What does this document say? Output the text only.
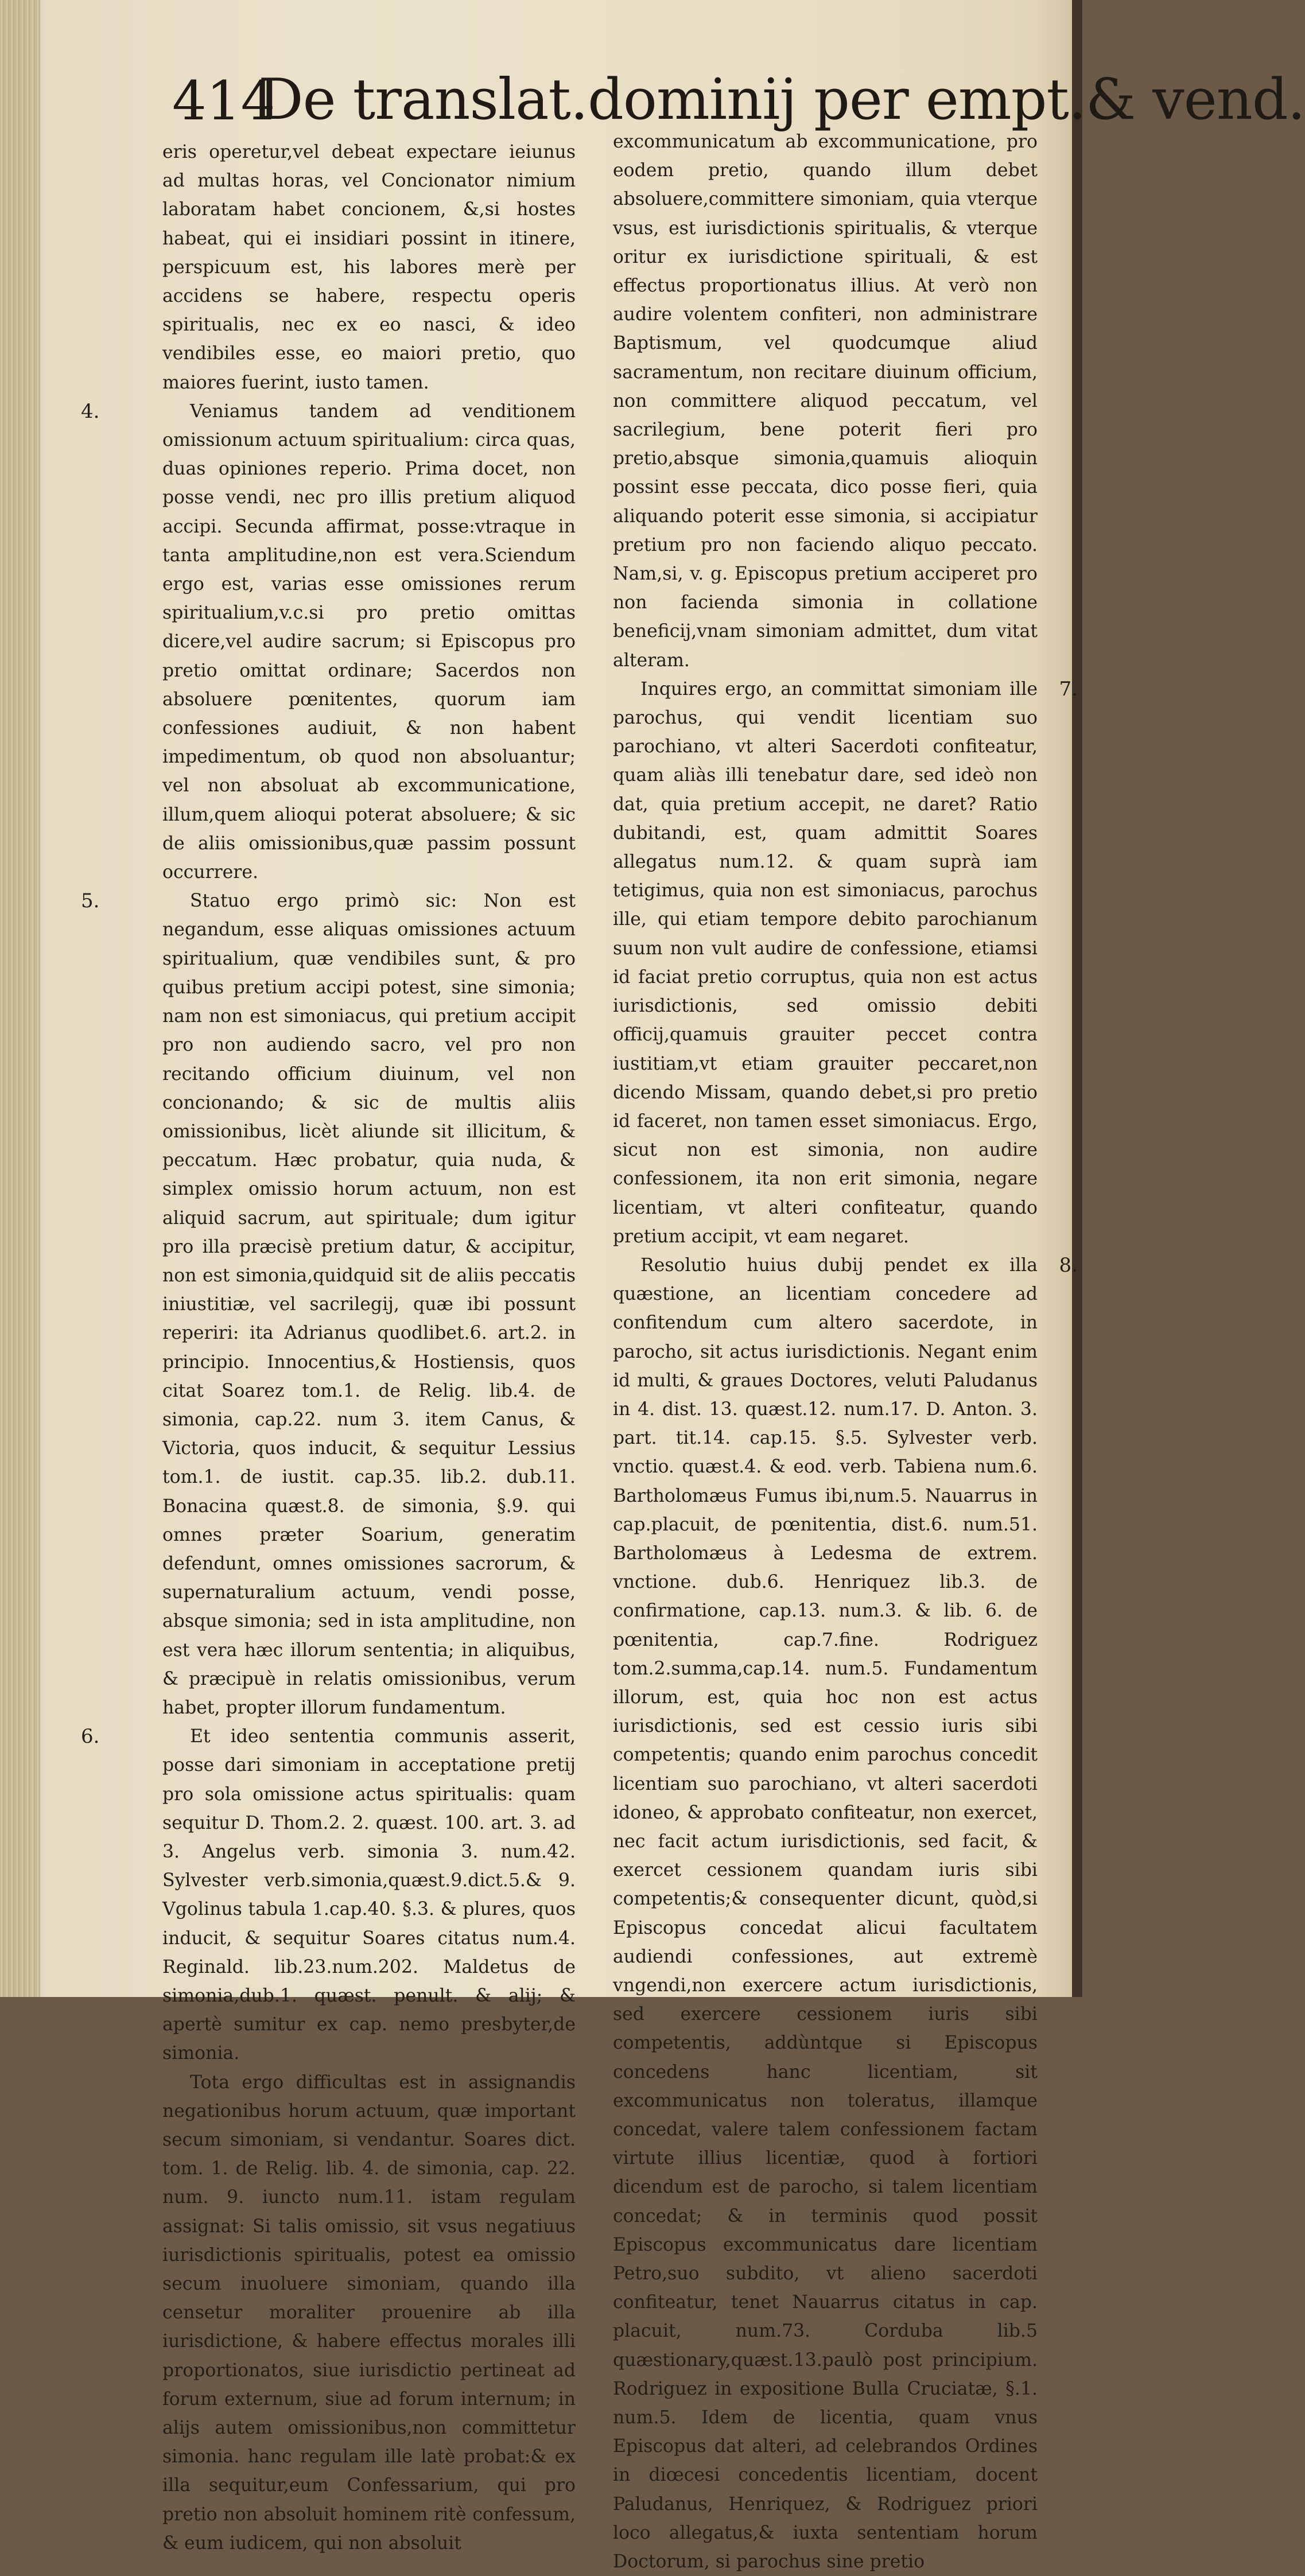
414
De translat.dominij per empt.& vend.

eris operetur,vel debeat expectare ieiunus ad multas horas, vel Concionator nimium laboratam habet concionem, &,si hostes habeat, qui ei insidiari possint in itinere, perspicuum est, his labores merè per accidens se habere, respectu operis spiritualis, nec ex eo nasci, & ideo vendibiles esse, eo maiori pretio, quo maiores fuerint, iusto tamen.

4.	Veniamus tandem ad venditionem omissionum actuum spiritualium: circa quas, duas opiniones reperio. Prima docet, non posse vendi, nec pro illis pretium aliquod accipi. Secunda affirmat, posse:vtraque in tanta amplitudine,non est vera.Sciendum ergo est, varias esse omissiones rerum spiritualium,v.c.si pro pretio omittas dicere,vel audire sacrum; si Episcopus pro pretio omittat ordinare; Sacerdos non absoluere pœnitentes, quorum iam confessiones audiuit, & non habent impedimentum, ob quod non absoluantur; vel non absoluat ab excommunicatione, illum,quem alioqui poterat absoluere; & sic de aliis omissionibus,quæ passim possunt occurrere.

5.	Statuo ergo primò sic: Non est negandum, esse aliquas omissiones actuum spiritualium, quæ vendibiles sunt, & pro quibus pretium accipi potest, sine simonia; nam non est simoniacus, qui pretium accipit pro non audiendo sacro, vel pro non recitando officium diuinum, vel non concionando; & sic de multis aliis omissionibus, licèt aliunde sit illicitum, & peccatum. Hæc probatur, quia nuda, & simplex omissio horum actuum, non est aliquid sacrum, aut spirituale; dum igitur pro illa præcisè pretium datur, & accipitur, non est simonia,quidquid sit de aliis peccatis iniustitiæ, vel sacrilegij, quæ ibi possunt reperiri: ita Adrianus quodlibet.6. art.2. in principio. Innocentius,& Hostiensis, quos citat Soarez tom.1. de Relig. lib.4. de simonia, cap.22. num 3. item Canus, & Victoria, quos inducit, & sequitur Lessius tom.1. de iustit. cap.35. lib.2. dub.11. Bonacina quæst.8. de simonia, §.9. qui omnes præter Soarium, generatim defendunt, omnes omissiones sacrorum, & supernaturalium actuum, vendi posse, absque simonia; sed in ista amplitudine, non est vera hæc illorum sententia; in aliquibus, & præcipuè in relatis omissionibus, verum habet, propter illorum fundamentum.

6.	Et ideo sententia communis asserit, posse dari simoniam in acceptatione pretij pro sola omissione actus spiritualis: quam sequitur D. Thom.2. 2. quæst. 100. art. 3. ad 3. Angelus verb. simonia 3. num.42. Sylvester verb.simonia,quæst.9.dict.5.& 9. Vgolinus tabula 1.cap.40. §.3. & plures, quos inducit, & sequitur Soares citatus num.4. Reginald. lib.23.num.202. Maldetus de simonia,dub.1. quæst. penult. & alij; & apertè sumitur ex cap. nemo presbyter,de simonia.

Tota ergo difficultas est in assignandis negationibus horum actuum, quæ important secum simoniam, si vendantur. Soares dict. tom. 1. de Relig. lib. 4. de simonia, cap. 22. num. 9. iuncto num.11. istam regulam assignat: Si talis omissio, sit vsus negatiuus iurisdictionis spiritualis, potest ea omissio secum inuoluere simoniam, quando illa censetur moraliter prouenire ab illa iurisdictione, & habere effectus morales illi proportionatos, siue iurisdictio pertineat ad forum externum, siue ad forum internum; in alijs autem omissionibus,non committetur simonia. hanc regulam ille latè probat:& ex illa sequitur,eum Confessarium, qui pro pretio non absoluit hominem ritè confessum, & eum iudicem, qui non absoluit

excommunicatum ab excommunicatione, pro eodem pretio, quando illum debet absoluere,committere simoniam, quia vterque vsus, est iurisdictionis spiritualis, & vterque oritur ex iurisdictione spirituali, & est effectus proportionatus illius. At verò non audire volentem confiteri, non administrare Baptismum, vel quodcumque aliud sacramentum, non recitare diuinum officium, non committere aliquod peccatum, vel sacrilegium, bene poterit fieri pro pretio,absque simonia,quamuis alioquin possint esse peccata, dico posse fieri, quia aliquando poterit esse simonia, si accipiatur pretium pro non faciendo aliquo peccato. Nam,si, v. g. Episcopus pretium acciperet pro non facienda simonia in collatione beneficij,vnam simoniam admittet, dum vitat alteram.

7.
Inquires ergo, an committat simoniam ille parochus, qui vendit licentiam suo parochiano, vt alteri Sacerdoti confiteatur, quam aliàs illi tenebatur dare, sed ideò non dat, quia pretium accepit, ne daret? Ratio dubitandi, est, quam admittit Soares allegatus num.12. & quam suprà iam tetigimus, quia non est simoniacus, parochus ille, qui etiam tempore debito parochianum suum non vult audire de confessione, etiamsi id faciat pretio corruptus, quia non est actus iurisdictionis, sed omissio debiti officij,quamuis grauiter peccet contra iustitiam,vt etiam grauiter peccaret,non dicendo Missam, quando debet,si pro pretio id faceret, non tamen esset simoniacus. Ergo, sicut non est simonia, non audire confessionem, ita non erit simonia, negare licentiam, vt alteri confiteatur, quando pretium accipit, vt eam negaret.

8.
Resolutio huius dubij pendet ex illa quæstione, an licentiam concedere ad confitendum cum altero sacerdote, in parocho, sit actus iurisdictionis. Negant enim id multi, & graues Doctores, veluti Paludanus in 4. dist. 13. quæst.12. num.17. D. Anton. 3. part. tit.14. cap.15. §.5. Sylvester verb. vnctio. quæst.4. & eod. verb. Tabiena num.6. Bartholomæus Fumus ibi,num.5. Nauarrus in cap.placuit, de pœnitentia, dist.6. num.51. Bartholomæus à Ledesma de extrem. vnctione. dub.6. Henriquez lib.3. de confirmatione, cap.13. num.3. & lib. 6. de pœnitentia, cap.7.fine. Rodriguez tom.2.summa,cap.14. num.5. Fundamentum illorum, est, quia hoc non est actus iurisdictionis, sed est cessio iuris sibi competentis; quando enim parochus concedit licentiam suo parochiano, vt alteri sacerdoti idoneo, & approbato confiteatur, non exercet, nec facit actum iurisdictionis, sed facit, & exercet cessionem quandam iuris sibi competentis;& consequenter dicunt, quòd,si Episcopus concedat alicui facultatem audiendi confessiones, aut extremè vngendi,non exercere actum iurisdictionis, sed exercere cessionem iuris sibi competentis, addùntque si Episcopus concedens hanc licentiam, sit excommunicatus non toleratus, illamque concedat, valere talem confessionem factam virtute illius licentiæ, quod à fortiori dicendum est de parocho, si talem licentiam concedat; & in terminis quod possit Episcopus excommunicatus dare licentiam Petro,suo subdito, vt alieno sacerdoti confiteatur, tenet Nauarrus citatus in cap. placuit, num.73. Corduba lib.5 quæstionary,quæst.13.paulò post principium. Rodriguez in expositione Bulla Cruciatæ, §.1. num.5. Idem de licentia, quam vnus Episcopus dat alteri, ad celebrandos Ordines in diœcesi concedentis licentiam, docent Paludanus, Henriquez, & Rodriguez priori loco allegatus,& iuxta sententiam horum Doctorum, si parochus sine pretio
